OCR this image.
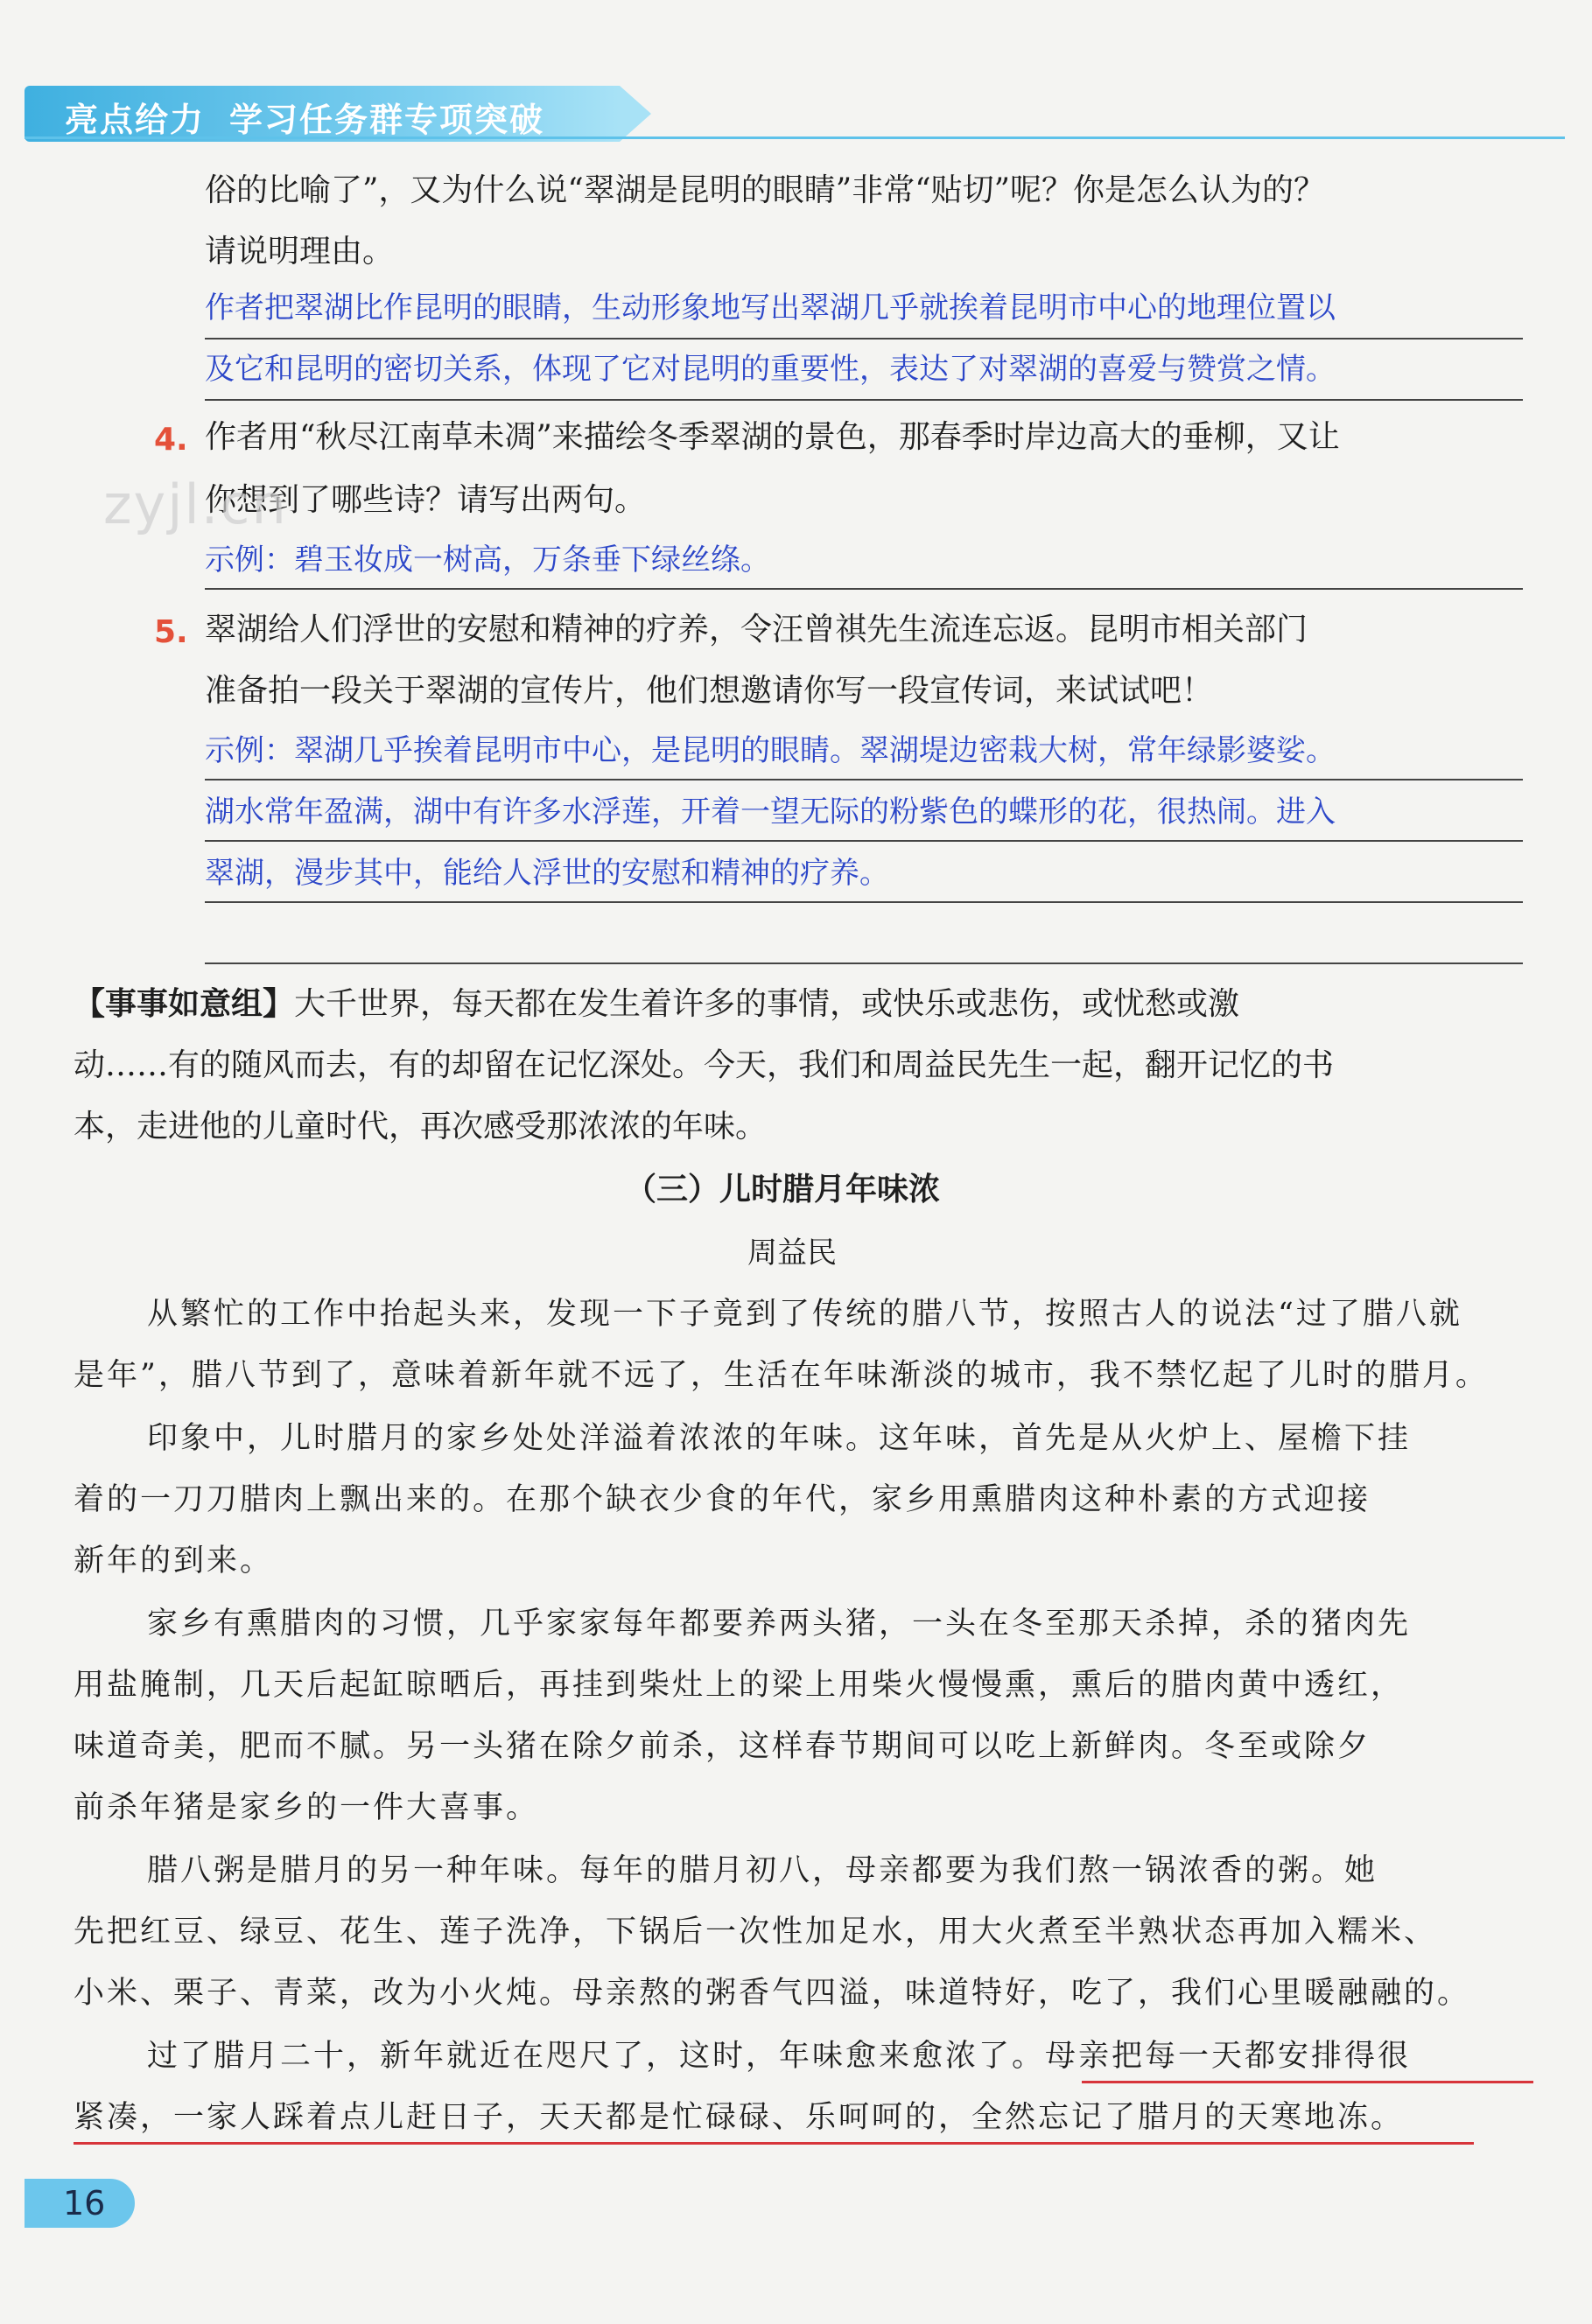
亮点给力 学习任务群专项突破
俗的比喻了”，又为什么说“翠湖是昆明的眼睛”非常“贴切”呢？你是怎么认为的？
请说明理由。
作者把翠湖比作昆明的眼睛，生动形象地写出翠湖几乎就挨着昆明市中心的地理位置以
及它和昆明的密切关系，体现了它对昆明的重要性，表达了对翠湖的喜爱与赞赏之情。
4. 作者用“秋尽江南草未凋”来描绘冬季翠湖的景色，那春季时岸边高大的垂柳，又让
你想到了哪些诗？请写出两句。
示例：碧玉妆成一树高，万条垂下绿丝绦。
zyjl.cn
5. 翠湖给人们浮世的安慰和精神的疗养，令汪曾祺先生流连忘返。昆明市相关部门
准备拍一段关于翠湖的宣传片，他们想邀请你写一段宣传词，来试试吧！
示例：翠湖几乎挨着昆明市中心，是昆明的眼睛。翠湖堤边密栽大树，常年绿影婆娑。
湖水常年盈满，湖中有许多水浮莲，开着一望无际的粉紫色的蝶形的花，很热闹。进入
翠湖，漫步其中，能给人浮世的安慰和精神的疗养。
【事事如意组】大千世界，每天都在发生着许多的事情，或快乐或悲伤，或忧愁或激
动……有的随风而去，有的却留在记忆深处。今天，我们和周益民先生一起，翻开记忆的书
本，走进他的儿童时代，再次感受那浓浓的年味。
（三）儿时腊月年味浓
周益民
从繁忙的工作中抬起头来，发现一下子竟到了传统的腊八节，按照古人的说法“过了腊八就
是年”，腊八节到了，意味着新年就不远了，生活在年味渐淡的城市，我不禁忆起了儿时的腊月。
印象中，儿时腊月的家乡处处洋溢着浓浓的年味。这年味，首先是从火炉上、屋檐下挂
着的一刀刀腊肉上飘出来的。在那个缺衣少食的年代，家乡用熏腊肉这种朴素的方式迎接
新年的到来。
家乡有熏腊肉的习惯，几乎家家每年都要养两头猪，一头在冬至那天杀掉，杀的猪肉先
用盐腌制，几天后起缸晾晒后，再挂到柴灶上的梁上用柴火慢慢熏，熏后的腊肉黄中透红，
味道奇美，肥而不腻。另一头猪在除夕前杀，这样春节期间可以吃上新鲜肉。冬至或除夕
前杀年猪是家乡的一件大喜事。
腊八粥是腊月的另一种年味。每年的腊月初八，母亲都要为我们熬一锅浓香的粥。她
先把红豆、绿豆、花生、莲子洗净，下锅后一次性加足水，用大火煮至半熟状态再加入糯米、
小米、栗子、青菜，改为小火炖。母亲熬的粥香气四溢，味道特好，吃了，我们心里暖融融的。
过了腊月二十，新年就近在咫尺了，这时，年味愈来愈浓了。母亲把每一天都安排得很
紧凑，一家人踩着点儿赶日子，天天都是忙碌碌、乐呵呵的，全然忘记了腊月的天寒地冻。
16
